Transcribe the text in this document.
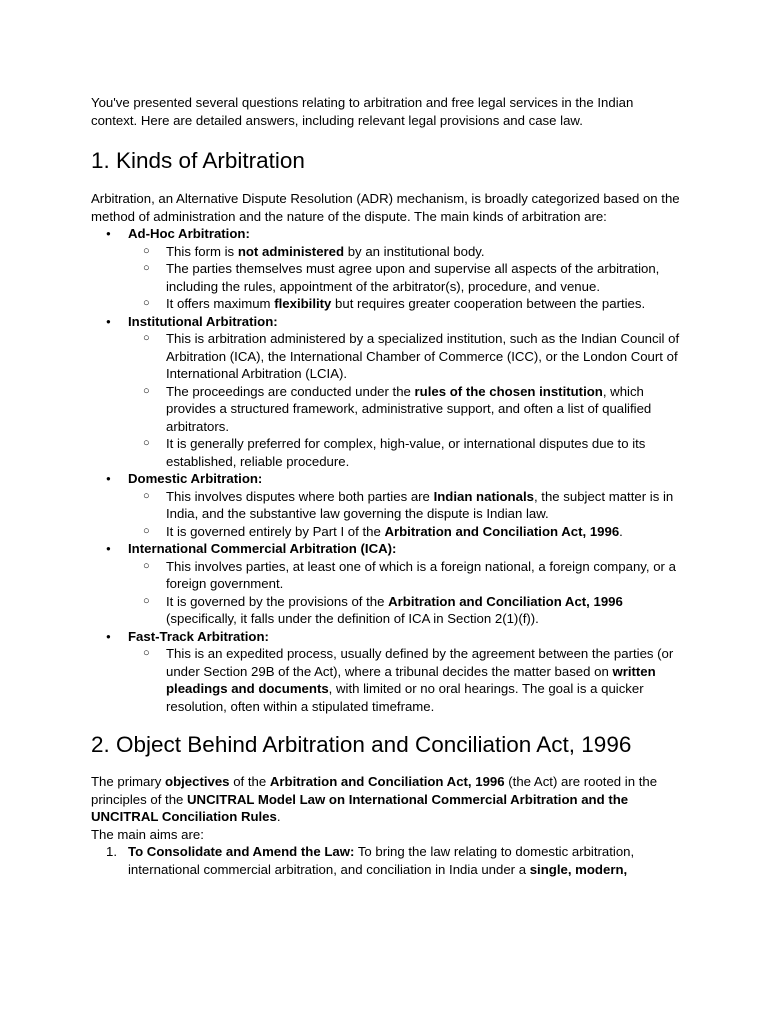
You've presented several questions relating to arbitration and free legal services in the Indian context. Here are detailed answers, including relevant legal provisions and case law.

1. Kinds of Arbitration

Arbitration, an Alternative Dispute Resolution (ADR) mechanism, is broadly categorized based on the method of administration and the nature of the dispute. The main kinds of arbitration are:

● Ad-Hoc Arbitration:
○ This form is not administered by an institutional body.
○ The parties themselves must agree upon and supervise all aspects of the arbitration, including the rules, appointment of the arbitrator(s), procedure, and venue.
○ It offers maximum flexibility but requires greater cooperation between the parties.
● Institutional Arbitration:
○ This is arbitration administered by a specialized institution, such as the Indian Council of Arbitration (ICA), the International Chamber of Commerce (ICC), or the London Court of International Arbitration (LCIA).
○ The proceedings are conducted under the rules of the chosen institution, which provides a structured framework, administrative support, and often a list of qualified arbitrators.
○ It is generally preferred for complex, high-value, or international disputes due to its established, reliable procedure.
● Domestic Arbitration:
○ This involves disputes where both parties are Indian nationals, the subject matter is in India, and the substantive law governing the dispute is Indian law.
○ It is governed entirely by Part I of the Arbitration and Conciliation Act, 1996.
● International Commercial Arbitration (ICA):
○ This involves parties, at least one of which is a foreign national, a foreign company, or a foreign government.
○ It is governed by the provisions of the Arbitration and Conciliation Act, 1996 (specifically, it falls under the definition of ICA in Section 2(1)(f)).
● Fast-Track Arbitration:
○ This is an expedited process, usually defined by the agreement between the parties (or under Section 29B of the Act), where a tribunal decides the matter based on written pleadings and documents, with limited or no oral hearings. The goal is a quicker resolution, often within a stipulated timeframe.
2. Object Behind Arbitration and Conciliation Act, 1996

The primary objectives of the Arbitration and Conciliation Act, 1996 (the Act) are rooted in the principles of the UNCITRAL Model Law on International Commercial Arbitration and the UNCITRAL Conciliation Rules.

The main aims are:

1. To Consolidate and Amend the Law: To bring the law relating to domestic arbitration, international commercial arbitration, and conciliation in India under a single, modern,
